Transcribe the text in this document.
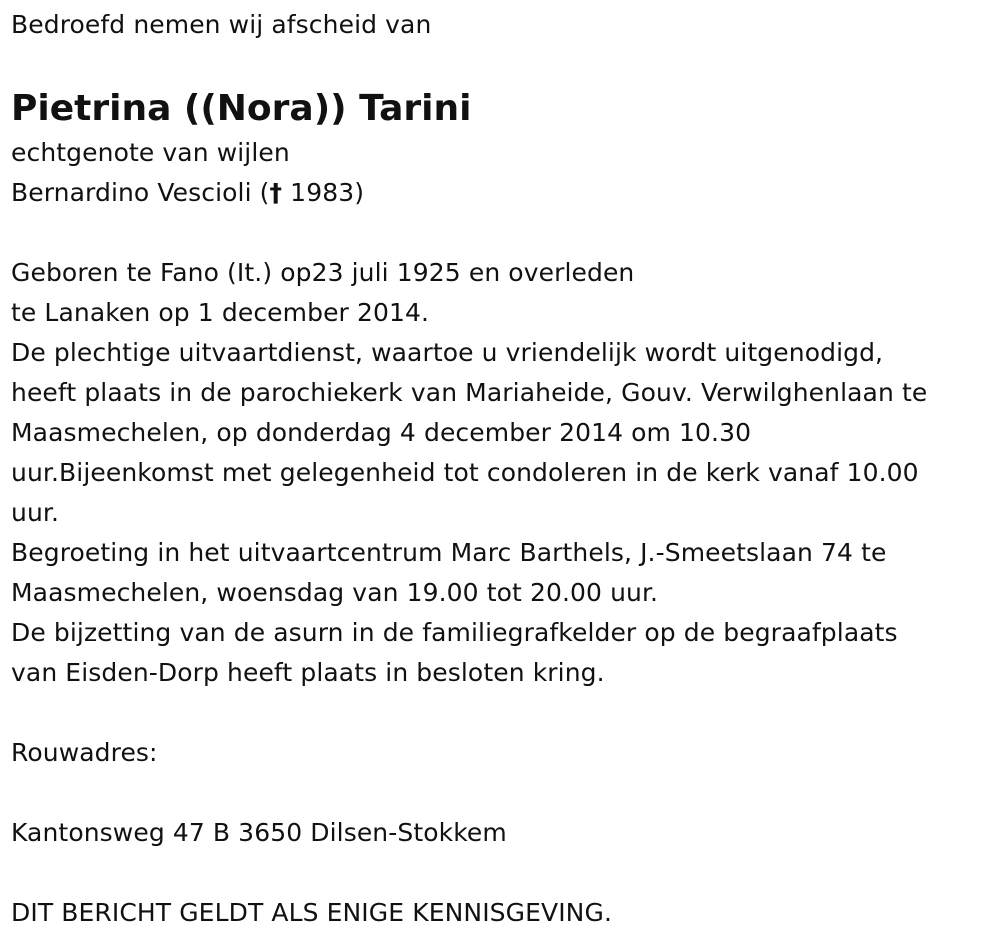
Bedroefd nemen wij afscheid van
Pietrina ((Nora)) Tarini
echtgenote van wijlen
Bernardino Vescioli († 1983)
Geboren te Fano (It.) op23 juli 1925 en overleden
te Lanaken op 1 december 2014.
De plechtige uitvaartdienst, waartoe u vriendelijk wordt uitgenodigd,
heeft plaats in de parochiekerk van Mariaheide, Gouv. Verwilghenlaan te
Maasmechelen, op donderdag 4 december 2014 om 10.30
uur.Bijeenkomst met gelegenheid tot condoleren in de kerk vanaf 10.00
uur.
Begroeting in het uitvaartcentrum Marc Barthels, J.-Smeetslaan 74 te
Maasmechelen, woensdag van 19.00 tot 20.00 uur.
De bijzetting van de asurn in de familiegrafkelder op de begraafplaats
van Eisden-Dorp heeft plaats in besloten kring.
Rouwadres:
Kantonsweg 47 B 3650 Dilsen-Stokkem
DIT BERICHT GELDT ALS ENIGE KENNISGEVING.
